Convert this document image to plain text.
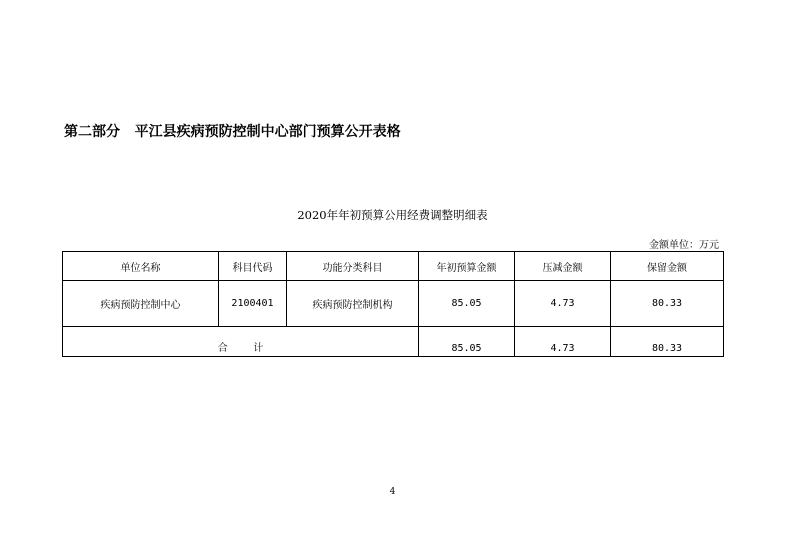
第二部分   平江县疾病预防控制中心部门预算公开表格
2020年年初预算公用经费调整明细表
金额单位：万元
单位名称	科目代码	功能分类科目	年初预算金额	压减金额	保留金额
疾病预防控制中心	2100401	疾病预防控制机构	85.05	4.73	80.33
合        计			85.05	4.73	80.33
4
